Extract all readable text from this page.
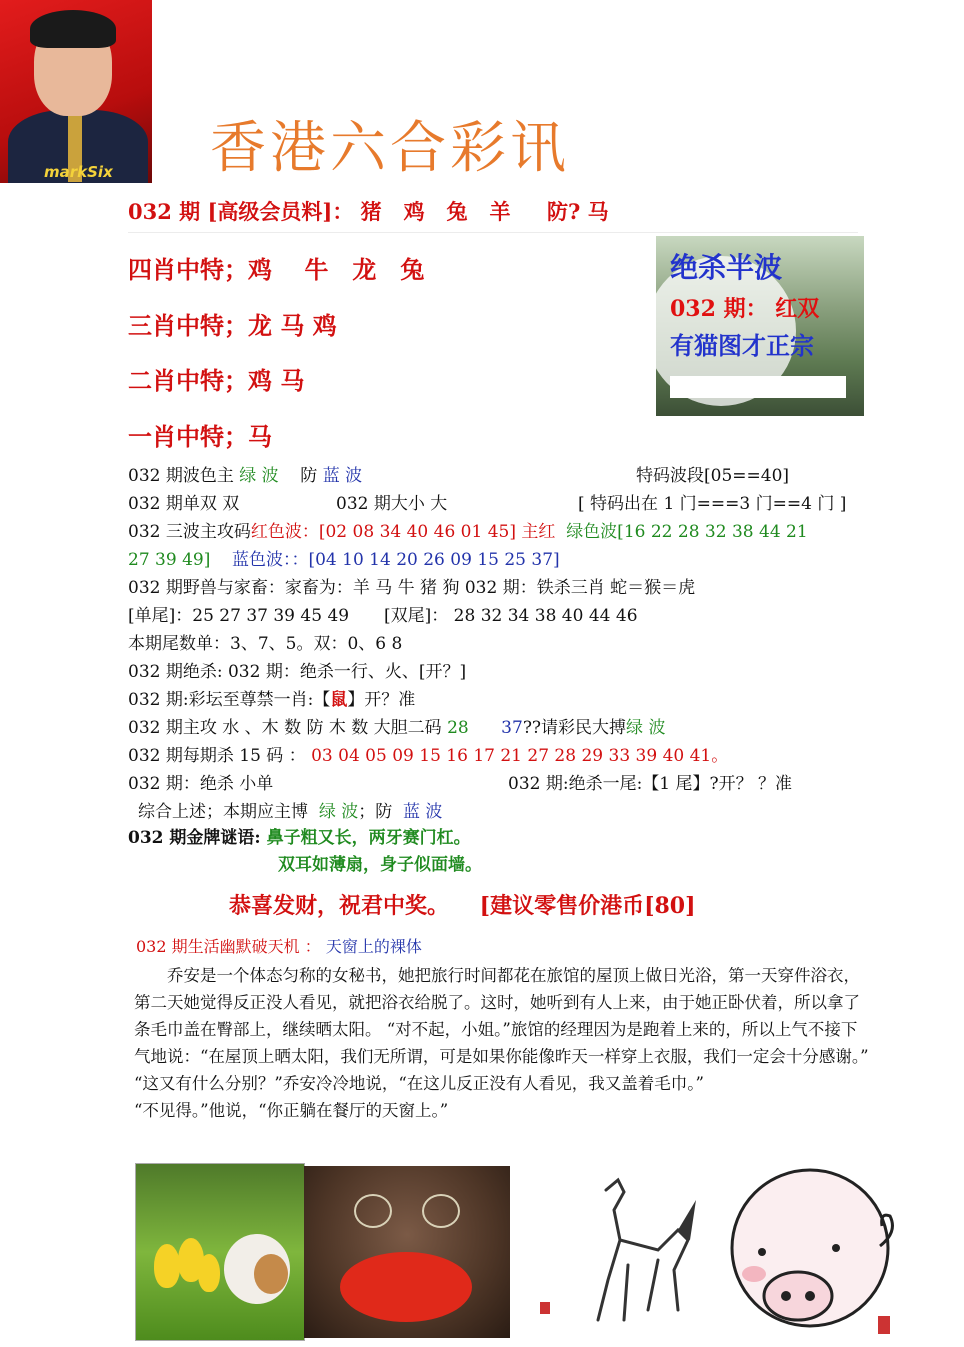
markSix 香港六合彩讯
032 期 [高级会员料]： 猪 鸡 兔 羊 防? 马
四肖中特；鸡　 牛　龙　兔
三肖中特；龙 马 鸡
二肖中特；鸡 马
一肖中特；马
绝杀半波
032 期： 红双
有猫图才正宗
032 期波色主 绿 波 防 蓝 波	特码波段[05==40]
032 期单双 双	032 期大小 大	[ 特码出在 1 门===3 门==4 门 ]
032 三波主攻码红色波：[02 08 34 40 46 01 45] 主红 绿色波[16 22 28 32 38 44 21
27 39 49] 蓝色波：：[04 10 14 20 26 09 15 25 37]
032 期野兽与家畜：家畜为：羊 马 牛 猪 狗 032 期：铁杀三肖 蛇＝猴＝虎
[单尾]：25 27 37 39 45 49 [双尾]： 28 32 34 38 40 44 46
本期尾数单：3、7、5。双：0、6 8
032 期绝杀: 032 期：绝杀一行、火、[开？]
032 期:彩坛至尊禁一肖:【鼠】开？准
032 期主攻 水 、木 数 防 木 数 大胆二码 28 37??请彩民大搏绿 波
032 期每期杀 15 码 ： 03 04 05 09 15 16 17 21 27 28 29 33 39 40 41。
032 期：绝杀 小单	032 期:绝杀一尾:【1 尾】?开？ ？准
综合上述；本期应主博 绿 波；防 蓝 波
032 期金牌谜语: 鼻子粗又长，两牙赛门杠。
双耳如薄扇，身子似面墙。
恭喜发财，祝君中奖。 [建议零售价港币[80]
032 期生活幽默破天机 ： 天窗上的裸体

乔安是一个体态匀称的女秘书，她把旅行时间都花在旅馆的屋顶上做日光浴，第一天穿件浴衣，第二天她觉得反正没人看见，就把浴衣给脱了。这时，她听到有人上来，由于她正卧伏着，所以拿了条毛巾盖在臀部上，继续晒太阳。 “对不起，小姐。”旅馆的经理因为是跑着上来的，所以上气不接下气地说：“在屋顶上晒太阳，我们无所谓，可是如果你能像昨天一样穿上衣服，我们一定会十分感谢。” “这又有什么分别？”乔安冷冷地说，“在这儿反正没有人看见，我又盖着毛巾。”

“不见得。”他说，“你正躺在餐厅的天窗上。”
